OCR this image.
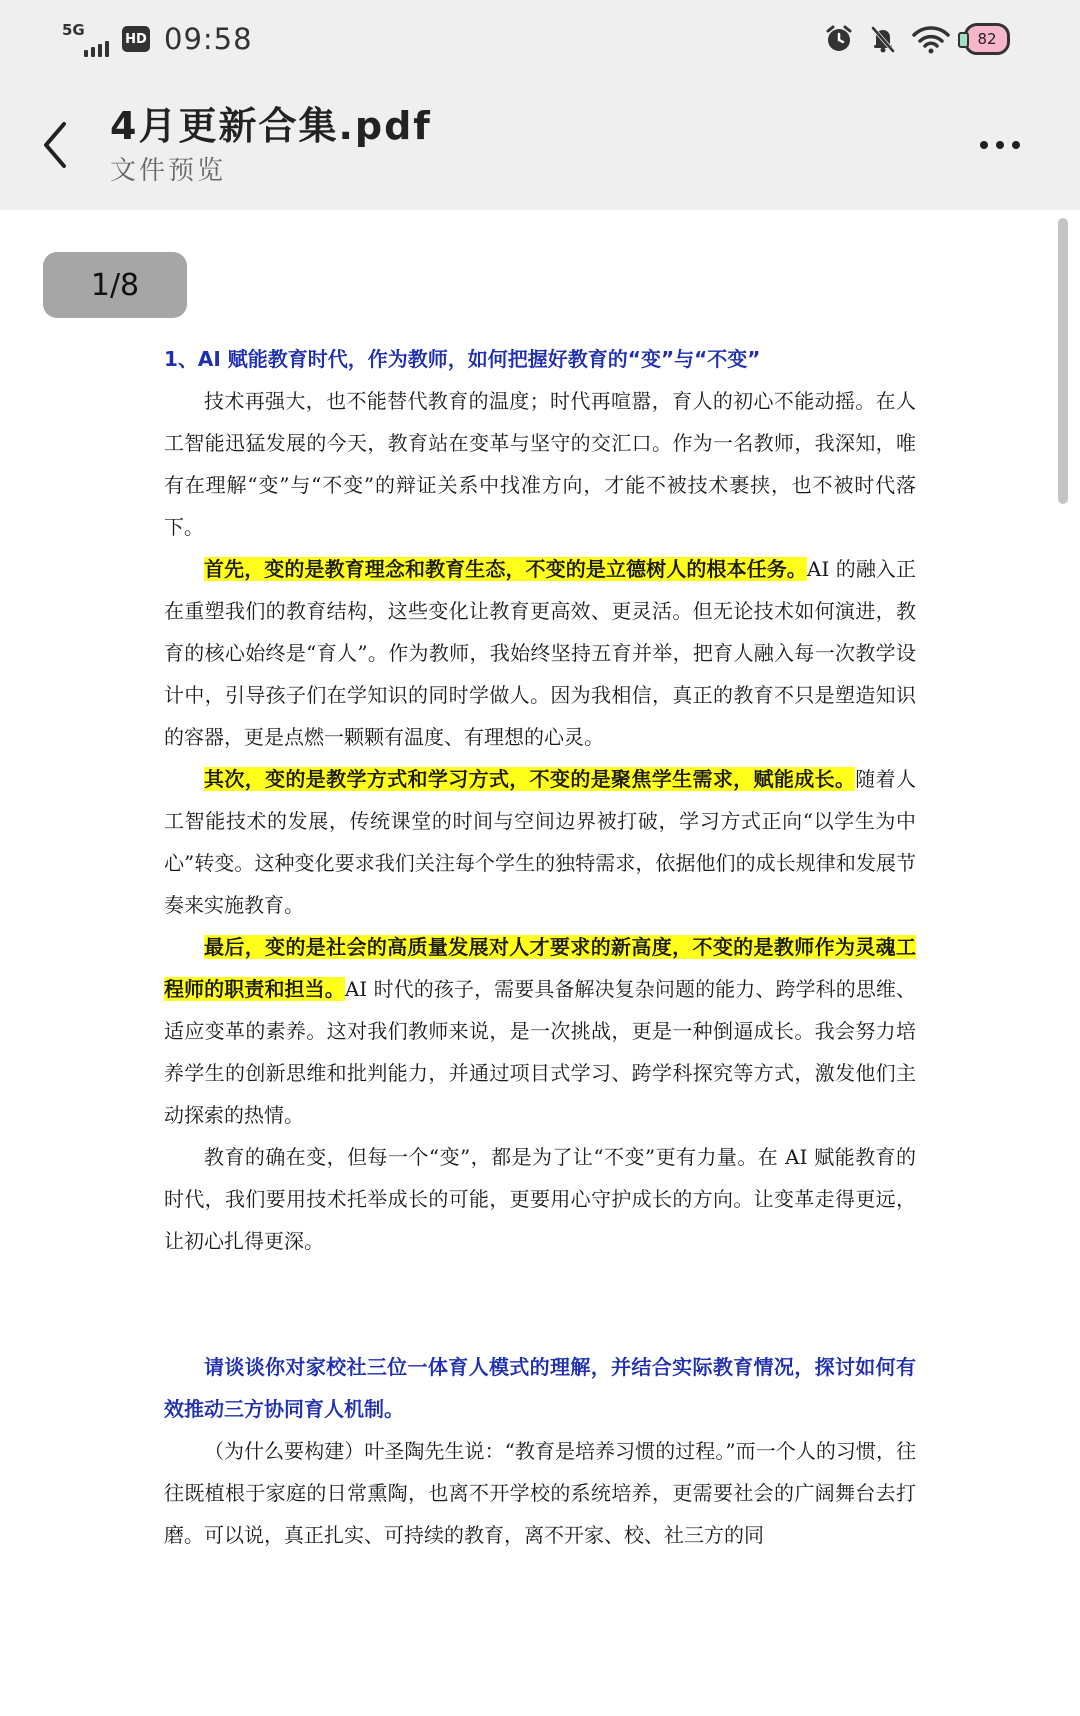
5G	HD 09:58	82
4月更新合集.pdf
文件预览
1/8

1、AI 赋能教育时代，作为教师，如何把握好教育的“变”与“不变”

技术再强大，也不能替代教育的温度；时代再喧嚣，育人的初心不能动摇。在人工智能迅猛发展的今天，教育站在变革与坚守的交汇口。作为一名教师，我深知，唯有在理解“变”与“不变”的辩证关系中找准方向，才能不被技术裹挟，也不被时代落下。

首先，变的是教育理念和教育生态，不变的是立德树人的根本任务。AI 的融入正在重塑我们的教育结构，这些变化让教育更高效、更灵活。但无论技术如何演进，教育的核心始终是“育人”。作为教师，我始终坚持五育并举，把育人融入每一次教学设计中，引导孩子们在学知识的同时学做人。因为我相信，真正的教育不只是塑造知识的容器，更是点燃一颗颗有温度、有理想的心灵。

其次，变的是教学方式和学习方式，不变的是聚焦学生需求，赋能成长。随着人工智能技术的发展，传统课堂的时间与空间边界被打破，学习方式正向“以学生为中心”转变。这种变化要求我们关注每个学生的独特需求，依据他们的成长规律和发展节奏来实施教育。

最后，变的是社会的高质量发展对人才要求的新高度，不变的是教师作为灵魂工程师的职责和担当。AI 时代的孩子，需要具备解决复杂问题的能力、跨学科的思维、适应变革的素养。这对我们教师来说，是一次挑战，更是一种倒逼成长。我会努力培养学生的创新思维和批判能力，并通过项目式学习、跨学科探究等方式，激发他们主动探索的热情。

教育的确在变，但每一个“变”，都是为了让“不变”更有力量。在 AI 赋能教育的时代，我们要用技术托举成长的可能，更要用心守护成长的方向。让变革走得更远，让初心扎得更深。

请谈谈你对家校社三位一体育人模式的理解，并结合实际教育情况，探讨如何有效推动三方协同育人机制。

（为什么要构建）叶圣陶先生说：“教育是培养习惯的过程。”而一个人的习惯，往往既植根于家庭的日常熏陶，也离不开学校的系统培养，更需要社会的广阔舞台去打磨。可以说，真正扎实、可持续的教育，离不开家、校、社三方的同
